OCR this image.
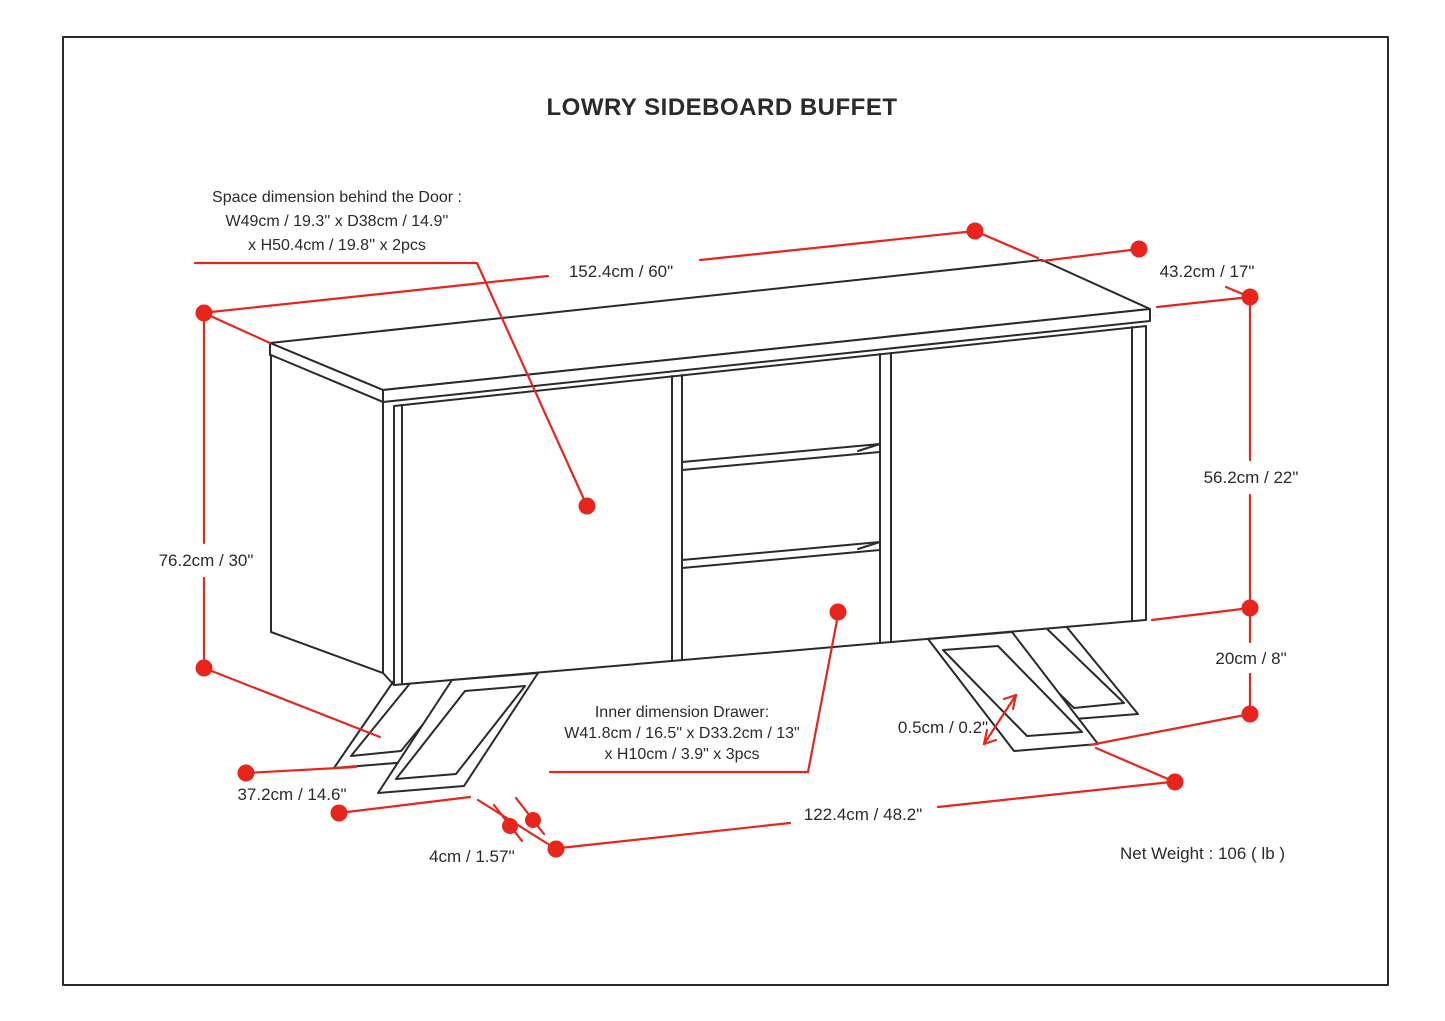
LOWRY SIDEBOARD BUFFET
Space dimension behind the Door :
W49cm / 19.3'' x D38cm / 14.9''
x H50.4cm / 19.8'' x 2pcs
152.4cm / 60"	43.2cm / 17"
76.2cm / 30"
56.2cm / 22"
20cm / 8"
Inner dimension Drawer:
W41.8cm / 16.5" x D33.2cm / 13"
x H10cm / 3.9" x 3pcs
0.5cm / 0.2"
37.2cm / 14.6"
4cm / 1.57''
122.4cm / 48.2"
Net Weight : 106 ( lb )
